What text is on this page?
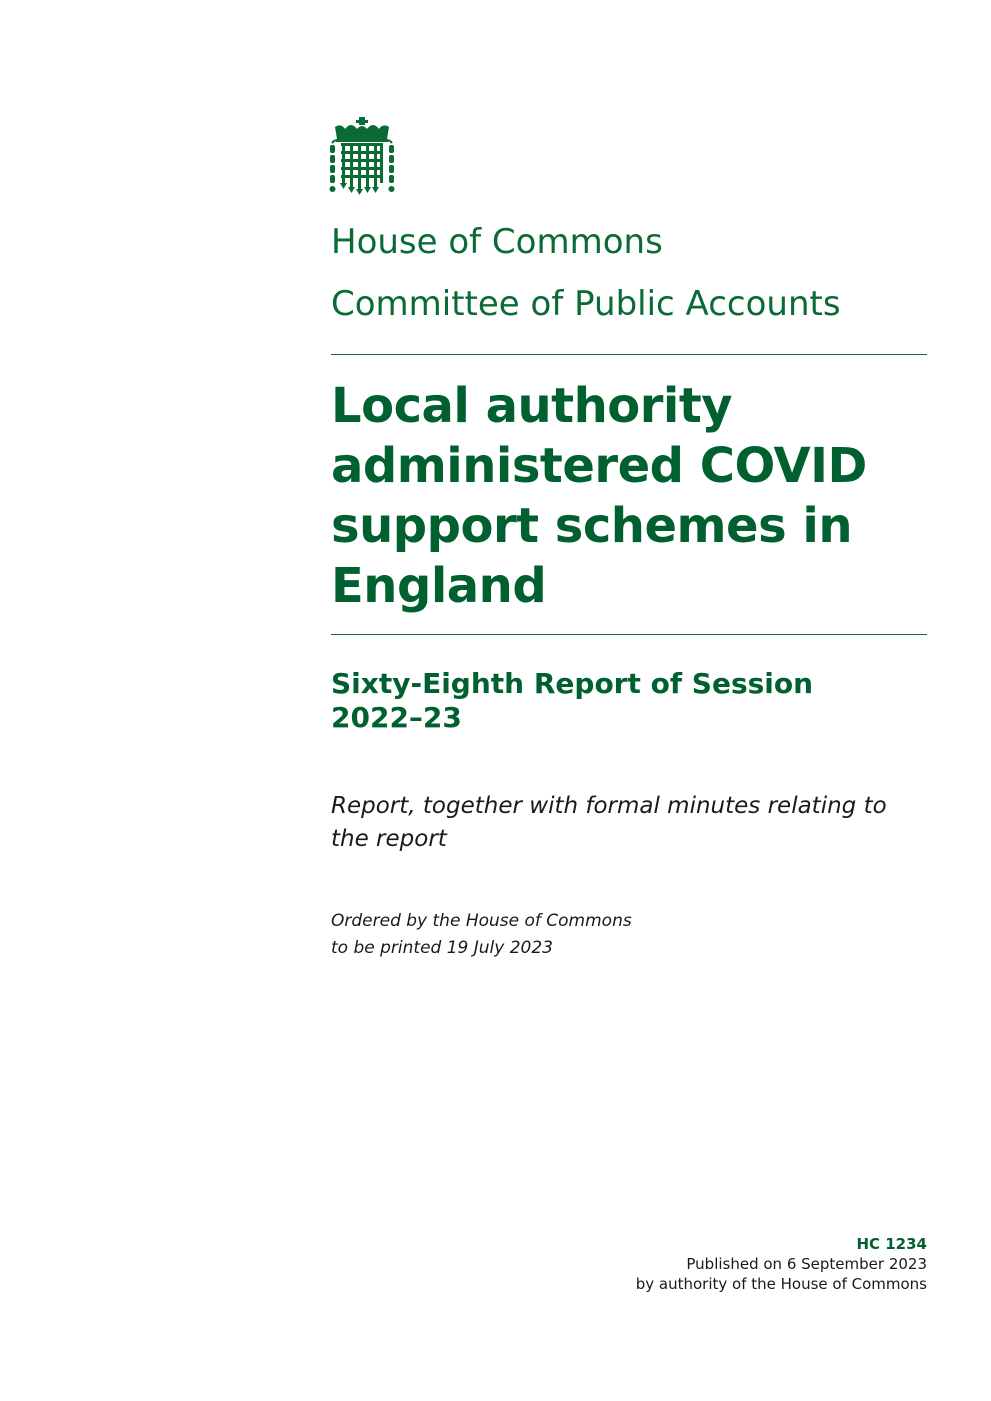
House of Commons
Committee of Public Accounts
Local authority administered COVID support schemes in England
Sixty-Eighth Report of Session 2022–23

Report, together with formal minutes relating to the report

Ordered by the House of Commons
to be printed 19 July 2023
HC 1234
Published on 6 September 2023
by authority of the House of Commons
